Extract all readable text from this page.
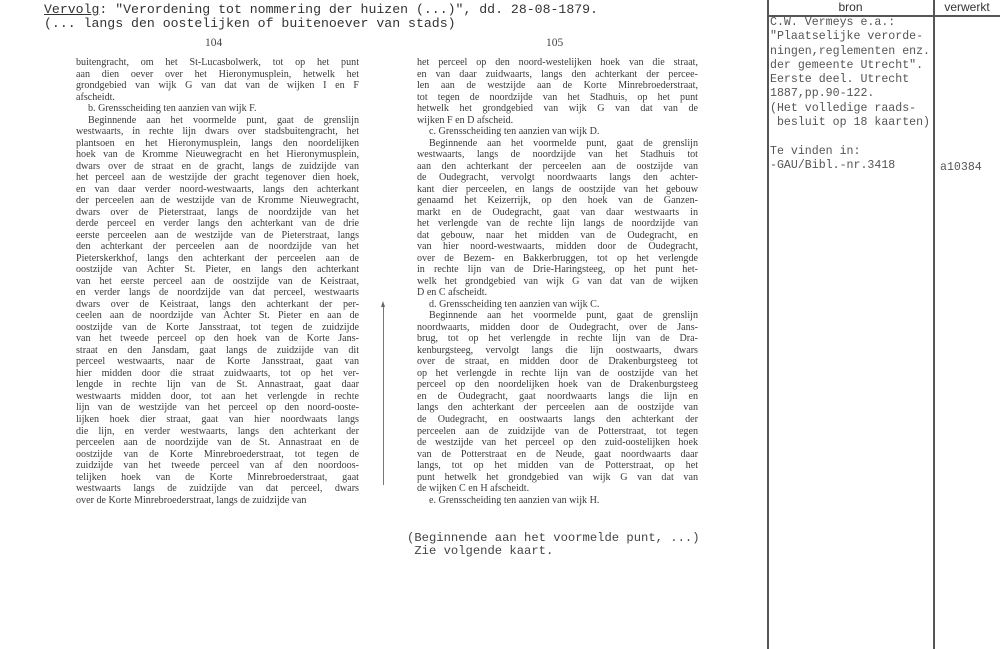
Vervolg: "Verordening tot nommering der huizen (...)", dd. 28-08-1879.
(... langs den oostelijken of buitenoever van stads)
104	105
buitengracht, om het St-Lucasbolwerk, tot op het punt
aan dien oever over het Hieronymusplein, hetwelk het
grondgebied van wijk G van dat van de wijken I en F
afscheidt.
b. Grensscheiding ten aanzien van wijk F.
Beginnende aan het voormelde punt, gaat de grenslijn
westwaarts, in rechte lijn dwars over stadsbuitengracht, het
plantsoen en het Hieronymusplein, langs den noordelijken
hoek van de Kromme Nieuwegracht en het Hieronymusplein,
dwars over de straat en de gracht, langs de zuidzijde van
het perceel aan de westzijde der gracht tegenover dien hoek,
en van daar verder noord-westwaarts, langs den achterkant
der perceelen aan de westzijde van de Kromme Nieuwegracht,
dwars over de Pieterstraat, langs de noordzijde van het
derde perceel en verder langs den achterkant van de drie
eerste perceelen aan de westzijde van de Pieterstraat, langs
den achterkant der perceelen aan de noordzijde van het
Pieterskerkhof, langs den achterkant der perceelen aan de
oostzijde van Achter St. Pieter, en langs den achterkant
van het eerste perceel aan de oostzijde van de Keistraat,
en verder langs de noordzijde van dat perceel, westwaarts
dwars over de Keistraat, langs den achterkant der per-
ceelen aan de noordzijde van Achter St. Pieter en aan de
oostzijde van de Korte Jansstraat, tot tegen de zuidzijde
van het tweede perceel op den hoek van de Korte Jans-
straat en den Jansdam, gaat langs de zuidzijde van dit
perceel westwaarts, naar de Korte Jansstraat, gaat van
hier midden door die straat zuidwaarts, tot op het ver-
lengde in rechte lijn van de St. Annastraat, gaat daar
westwaarts midden door, tot aan het verlengde in rechte
lijn van de westzijde van het perceel op den noord-ooste-
lijken hoek dier straat, gaat van hier noordwaats langs
die lijn, en verder westwaarts, langs den achterkant der
perceelen aan de noordzijde van de St. Annastraat en de
oostzijde van de Korte Minrebroederstraat, tot tegen de
zuidzijde van het tweede perceel van af den noordoos-
telijken hoek van de Korte Minrebroederstraat, gaat
westwaarts langs de zuidzijde van dat perceel, dwars
over de Korte Minrebroederstraat, langs de zuidzijde van
het perceel op den noord-westelijken hoek van die straat,
en van daar zuidwaarts, langs den achterkant der percee-
len aan de westzijde aan de Korte Minrebroederstraat,
tot tegen de noordzijde van het Stadhuis, op het punt
hetwelk het grondgebied van wijk G van dat van de
wijken F en D afscheid.
c. Grensscheiding ten aanzien van wijk D.
Beginnende aan het voormelde punt, gaat de grenslijn
westwaarts, langs de noordzijde van het Stadhuis tot
aan den achterkant der perceelen aan de oostzijde van
de Oudegracht, vervolgt noordwaarts langs den achter-
kant dier perceelen, en langs de oostzijde van het gebouw
genaamd het Keizerrijk, op den hoek van de Ganzen-
markt en de Oudegracht, gaat van daar westwaarts in
het verlengde van de rechte lijn langs de noordzijde van
dat gebouw, naar het midden van de Oudegracht, en
van hier noord-westwaarts, midden door de Oudegracht,
over de Bezem- en Bakkerbruggen, tot op het verlengde
in rechte lijn van de Drie-Haringsteeg, op het punt het-
welk het grondgebied van wijk G van dat van de wijken
D en C afscheidt.
d. Grensscheiding ten aanzien van wijk C.
Beginnende aan het voormelde punt, gaat de grenslijn
noordwaarts, midden door de Oudegracht, over de Jans-
brug, tot op het verlengde in rechte lijn van de Dra-
kenburgsteeg, vervolgt langs die lijn oostwaarts, dwars
over de straat, en midden door de Drakenburgsteeg tot
op het verlengde in rechte lijn van de oostzijde van het
perceel op den noordelijken hoek van de Drakenburgsteeg
en de Oudegracht, gaat noordwaarts langs die lijn en
langs den achterkant der perceelen aan de oostzijde van
de Oudegracht, en oostwaarts langs den achterkant der
perceelen aan de zuidzijde van de Potterstraat, tot tegen
de westzijde van het perceel op den zuid-oostelijken hoek
van de Potterstraat en de Neude, gaat noordwaarts daar
langs, tot op het midden van de Potterstraat, op het
punt hetwelk het grondgebied van wijk G van dat van
de wijken C en H afscheidt.
e. Grensscheiding ten aanzien van wijk H.
(Beginnende aan het voormelde punt, ...)
Zie volgende kaart.
bron	verwerkt
C.W. Vermeys e.a.:
"Plaatselijke verorde-
ningen,reglementen enz.
der gemeente Utrecht".
Eerste deel. Utrecht
1887,pp.90-122.
(Het volledige raads-
besluit op 18 kaarten)
Te vinden in:
-GAU/Bibl.-nr.3418	a10384
